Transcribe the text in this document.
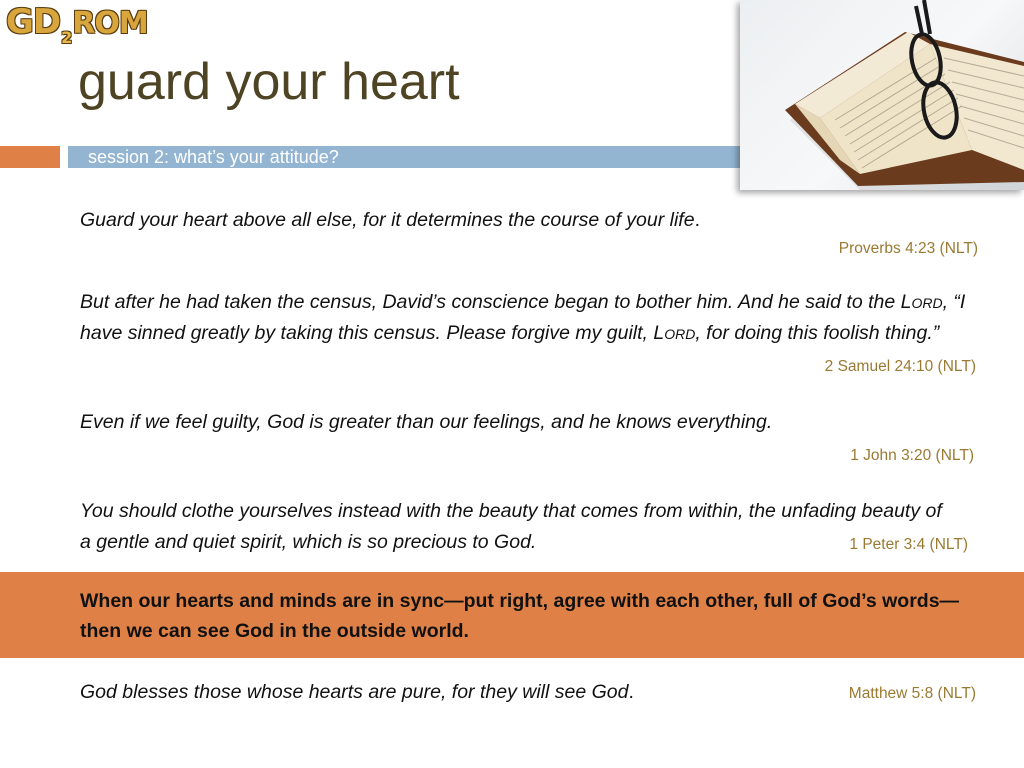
$GD_2ROM$
guard your heart
session 2: what’s your attitude?
Guard your heart above all else, for it determines the course of your life.
Proverbs 4:23 (NLT)
But after he had taken the census, David’s conscience began to bother him. And he said to the Lord, “I have sinned greatly by taking this census. Please forgive my guilt, Lord, for doing this foolish thing.”
2 Samuel 24:10 (NLT)
Even if we feel guilty, God is greater than our feelings, and he knows everything.
1 John 3:20 (NLT)
You should clothe yourselves instead with the beauty that comes from within, the unfading beauty of a gentle and quiet spirit, which is so precious to God.	1 Peter 3:4 (NLT)
When our hearts and minds are in sync—put right, agree with each other, full of God’s words—then we can see God in the outside world.
God blesses those whose hearts are pure, for they will see God.	Matthew 5:8 (NLT)
